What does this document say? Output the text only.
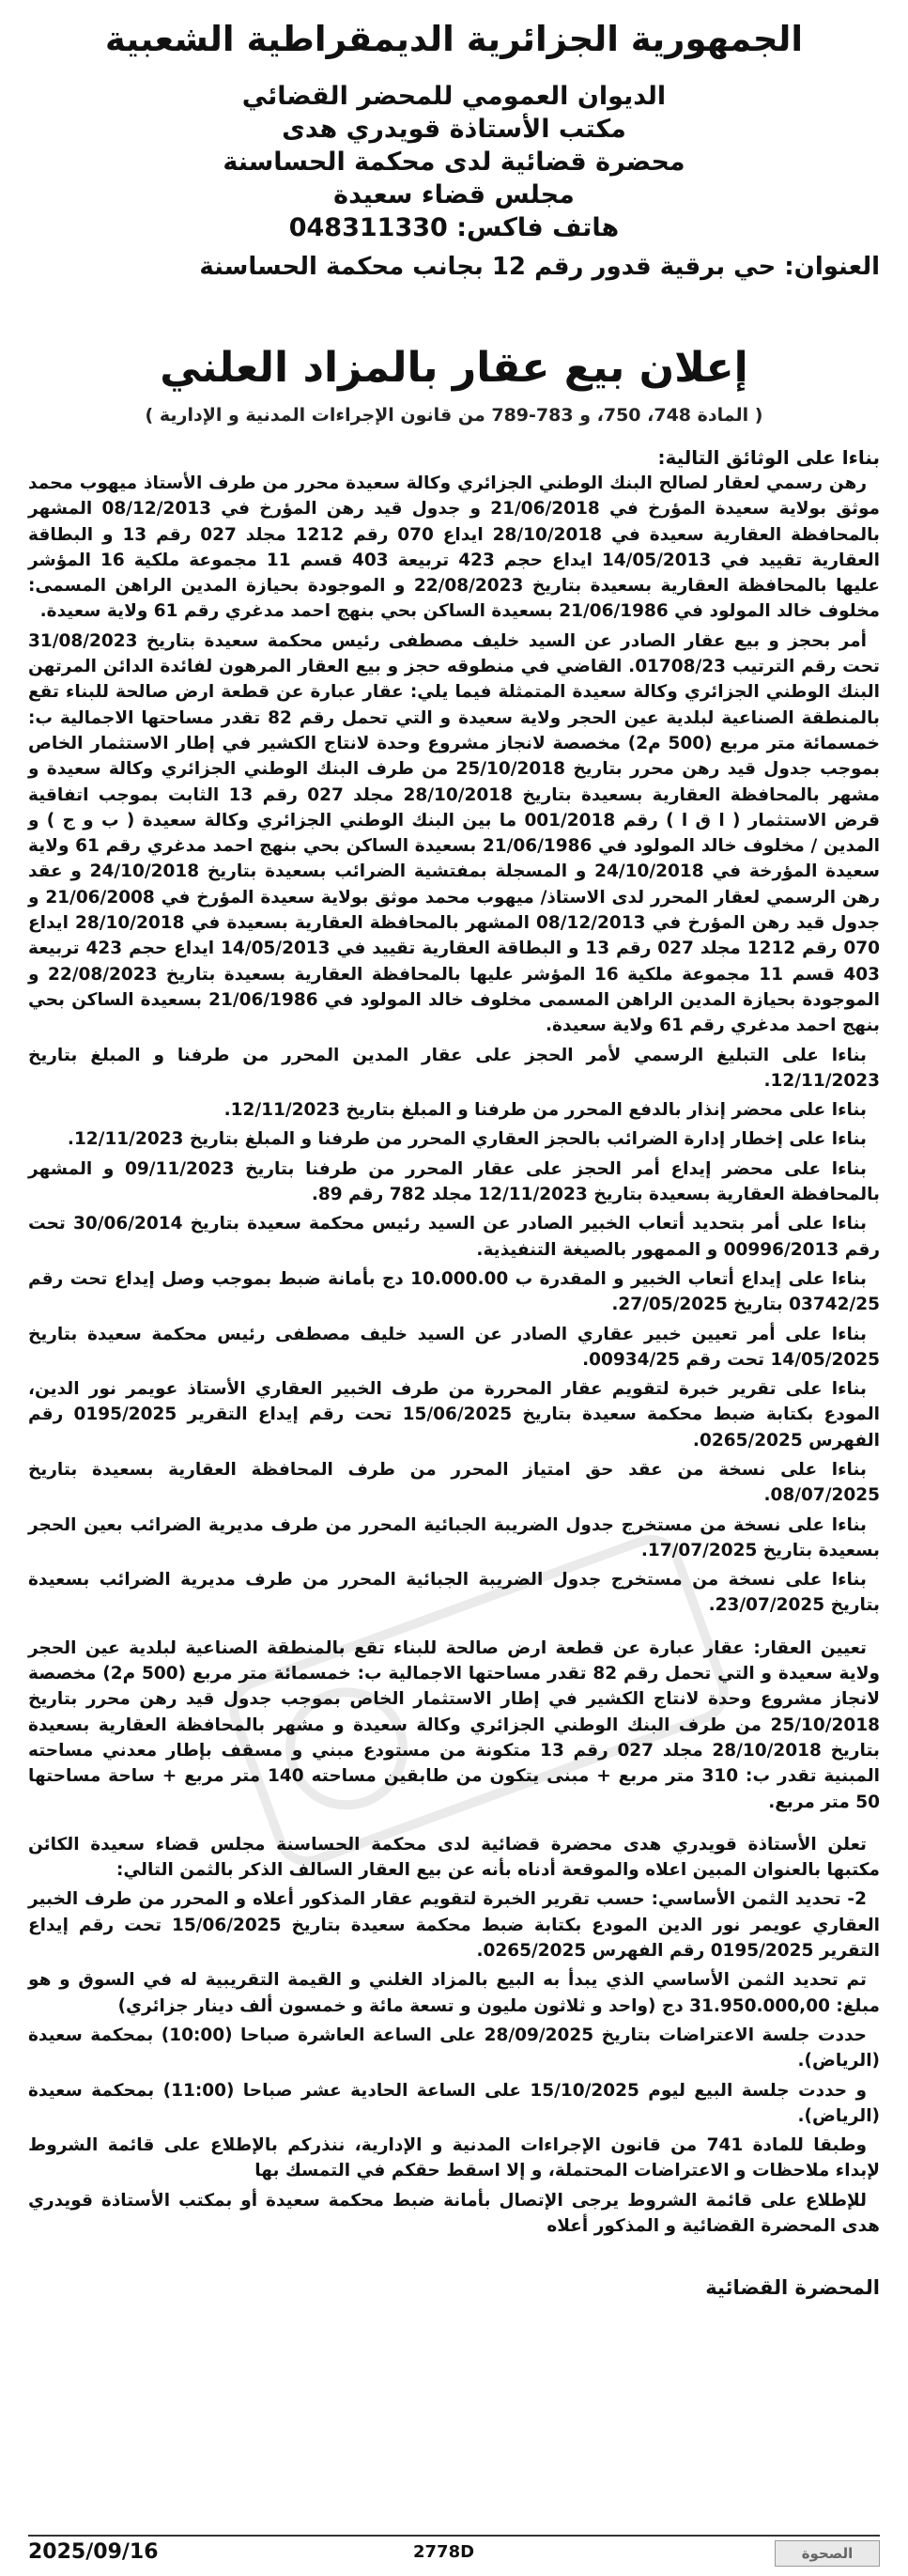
الجمهورية الجزائرية الديمقراطية الشعبية
الديوان العمومي للمحضر القضائي
مكتب الأستاذة قويدري هدى
محضرة قضائية لدى محكمة الحساسنة
مجلس قضاء سعيدة
هاتف فاكس: 048311330
العنوان: حي برقية قدور رقم 12 بجانب محكمة الحساسنة
إعلان بيع عقار بالمزاد العلني
( المادة 748، 750، و 783-789 من قانون الإجراءات المدنية و الإدارية )
بناءا على الوثائق التالية:

رهن رسمي لعقار لصالح البنك الوطني الجزائري وكالة سعيدة محرر من طرف الأستاذ ميهوب محمد موثق بولاية سعيدة المؤرخ في 21/06/2018 و جدول قيد رهن المؤرخ في 08/12/2013 المشهر بالمحافظة العقارية سعيدة في 28/10/2018 ايداع 070 رقم 1212 مجلد 027 رقم 13 و البطاقة العقارية تقييد في 14/05/2013 ايداع حجم 423 تربيعة 403 قسم 11 مجموعة ملكية 16 المؤشر عليها بالمحافظة العقارية بسعيدة بتاريخ 22/08/2023 و الموجودة بحيازة المدين الراهن المسمى: مخلوف خالد المولود في 21/06/1986 بسعيدة الساكن بحي بنهج احمد مدغري رقم 61 ولاية سعيدة.

أمر بحجز و بيع عقار الصادر عن السيد خليف مصطفى رئيس محكمة سعيدة بتاريخ 31/08/2023 تحت رقم الترتيب 01708/23. القاضي في منطوقه حجز و بيع العقار المرهون لفائدة الدائن المرتهن البنك الوطني الجزائري وكالة سعيدة المتمثلة فيما يلي: عقار عبارة عن قطعة ارض صالحة للبناء تقع بالمنطقة الصناعية لبلدية عين الحجر ولاية سعيدة و التي تحمل رقم 82 تقدر مساحتها الاجمالية ب: خمسمائة متر مربع (500 م2) مخصصة لانجاز مشروع وحدة لانتاج الكشير في إطار الاستثمار الخاص بموجب جدول قيد رهن محرر بتاريخ 25/10/2018 من طرف البنك الوطني الجزائري وكالة سعيدة و مشهر بالمحافظة العقارية بسعيدة بتاريخ 28/10/2018 مجلد 027 رقم 13 الثابت بموجب اتفاقية قرض الاستثمار ( ا ق ا ) رقم 001/2018 ما بين البنك الوطني الجزائري وكالة سعيدة ( ب و ج ) و المدين / مخلوف خالد المولود في 21/06/1986 بسعيدة الساكن بحي بنهج احمد مدغري رقم 61 ولاية سعيدة المؤرخة في 24/10/2018 و المسجلة بمفتشية الضرائب بسعيدة بتاريخ 24/10/2018 و عقد رهن الرسمي لعقار المحرر لدى الاستاذ/ ميهوب محمد موثق بولاية سعيدة المؤرخ في 21/06/2008 و جدول قيد رهن المؤرخ في 08/12/2013 المشهر بالمحافظة العقارية بسعيدة في 28/10/2018 ايداع 070 رقم 1212 مجلد 027 رقم 13 و البطاقة العقارية تقييد في 14/05/2013 ايداع حجم 423 تربيعة 403 قسم 11 مجموعة ملكية 16 المؤشر عليها بالمحافظة العقارية بسعيدة بتاريخ 22/08/2023 و الموجودة بحيازة المدين الراهن المسمى مخلوف خالد المولود في 21/06/1986 بسعيدة الساكن بحي بنهج احمد مدغري رقم 61 ولاية سعيدة.

بناءا على التبليغ الرسمي لأمر الحجز على عقار المدين المحرر من طرفنا و المبلغ بتاريخ 12/11/2023.

بناءا على محضر إنذار بالدفع المحرر من طرفنا و المبلغ بتاريخ 12/11/2023.

بناءا على إخطار إدارة الضرائب بالحجز العقاري المحرر من طرفنا و المبلغ بتاريخ 12/11/2023.

بناءا على محضر إيداع أمر الحجز على عقار المحرر من طرفنا بتاريخ 09/11/2023 و المشهر بالمحافظة العقارية بسعيدة بتاريخ 12/11/2023 مجلد 782 رقم 89.

بناءا على أمر بتحديد أتعاب الخبير الصادر عن السيد رئيس محكمة سعيدة بتاريخ 30/06/2014 تحت رقم 00996/2013 و الممهور بالصيغة التنفيذية.

بناءا على إيداع أتعاب الخبير و المقدرة ب 10.000.00 دج بأمانة ضبط بموجب وصل إيداع تحت رقم 03742/25 بتاريخ 27/05/2025.

بناءا على أمر تعيين خبير عقاري الصادر عن السيد خليف مصطفى رئيس محكمة سعيدة بتاريخ 14/05/2025 تحت رقم 00934/25.

بناءا على تقرير خبرة لتقويم عقار المحررة من طرف الخبير العقاري الأستاذ عويمر نور الدين، المودع بكتابة ضبط محكمة سعيدة بتاريخ 15/06/2025 تحت رقم إيداع التقرير 0195/2025 رقم الفهرس 0265/2025.

بناءا على نسخة من عقد حق امتياز المحرر من طرف المحافظة العقارية بسعيدة بتاريخ 08/07/2025.

بناءا على نسخة من مستخرج جدول الضريبة الجبائية المحرر من طرف مديرية الضرائب بعين الحجر بسعيدة بتاريخ 17/07/2025.

بناءا على نسخة من مستخرج جدول الضريبة الجبائية المحرر من طرف مديرية الضرائب بسعيدة بتاريخ 23/07/2025.

تعيين العقار: عقار عبارة عن قطعة ارض صالحة للبناء تقع بالمنطقة الصناعية لبلدية عين الحجر ولاية سعيدة و التي تحمل رقم 82 تقدر مساحتها الاجمالية ب: خمسمائة متر مربع (500 م2) مخصصة لانجاز مشروع وحدة لانتاج الكشير في إطار الاستثمار الخاص بموجب جدول قيد رهن محرر بتاريخ 25/10/2018 من طرف البنك الوطني الجزائري وكالة سعيدة و مشهر بالمحافظة العقارية بسعيدة بتاريخ 28/10/2018 مجلد 027 رقم 13 متكونة من مستودع مبني و مسقف بإطار معدني مساحته المبنية تقدر ب: 310 متر مربع + مبنى يتكون من طابقين مساحته 140 متر مربع + ساحة مساحتها 50 متر مربع.

تعلن الأستاذة قويدري هدى محضرة قضائية لدى محكمة الحساسنة مجلس قضاء سعيدة الكائن مكتبها بالعنوان المبين اعلاه والموقعة أدناه بأنه عن بيع العقار السالف الذكر بالثمن التالي:

2- تحديد الثمن الأساسي: حسب تقرير الخبرة لتقويم عقار المذكور أعلاه و المحرر من طرف الخبير العقاري عويمر نور الدين المودع بكتابة ضبط محكمة سعيدة بتاريخ 15/06/2025 تحت رقم إيداع التقرير 0195/2025 رقم الفهرس 0265/2025.

تم تحديد الثمن الأساسي الذي يبدأ به البيع بالمزاد الغلني و القيمة التقريبية له في السوق و هو مبلغ: 31.950.000,00 دج (واحد و ثلاثون مليون و تسعة مائة و خمسون ألف دينار جزائري)

حددت جلسة الاعتراضات بتاريخ 28/09/2025 على الساعة العاشرة صباحا (10:00) بمحكمة سعيدة (الرياض).

و حددت جلسة البيع ليوم 15/10/2025 على الساعة الحادية عشر صباحا (11:00) بمحكمة سعيدة (الرياض).

وطبقا للمادة 741 من قانون الإجراءات المدنية و الإدارية، ننذركم بالإطلاع على قائمة الشروط لإبداء ملاحظات و الاعتراضات المحتملة، و إلا اسقط حقكم في التمسك بها

للإطلاع على قائمة الشروط يرجى الإتصال بأمانة ضبط محكمة سعيدة أو بمكتب الأستاذة قويدري هدى المحضرة القضائية و المذكور أعلاه

المحضرة القضائية
2025/09/16	2778D	الصحوة
